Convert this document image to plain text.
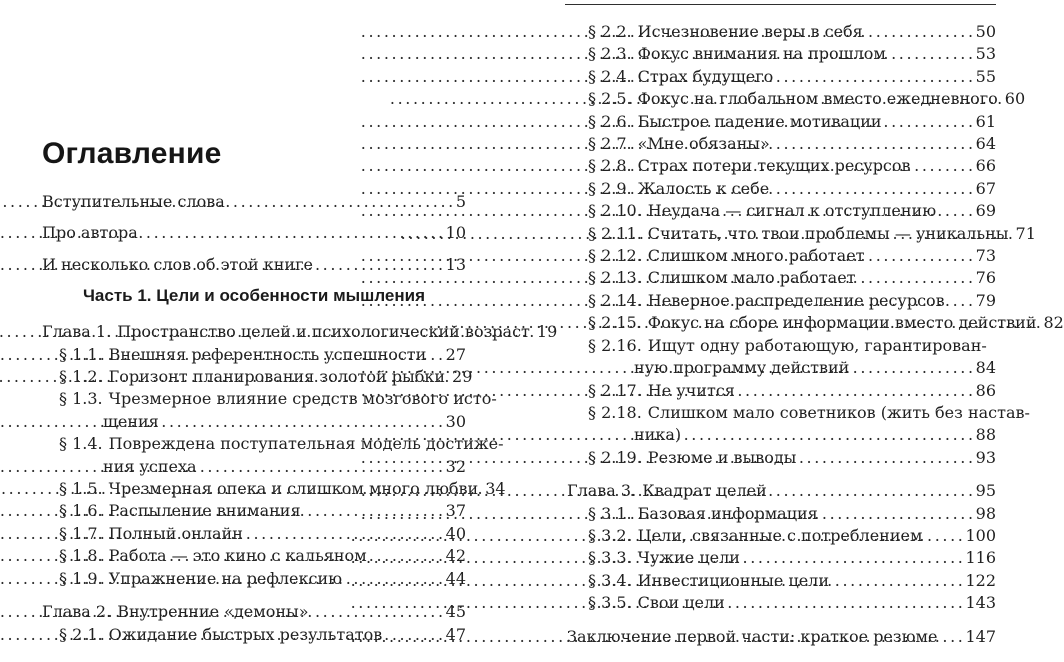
Оглавление
Вступительные слова .....	5
Про автора .....	10
И несколько слов об этой книге .....	13
Часть 1. Цели и особенности мышления
Глава 1. Пространство целей и психологический возраст ..... 19
§ 1.1. Внешняя референтность успешности ..... 27
§ 1.2. Горизонт планирования золотой рыбки ..... 29
§ 1.3. Чрезмерное влияние средств мозгового исто-
щения .....	30
§ 1.4. Повреждена поступательная модель достиже-
ния успеха .....	32
§ 1.5. Чрезмерная опека и слишком много любви ..... 34
§ 1.6. Распыление внимания .....	37
§ 1.7. Полный онлайн .....	40
§ 1.8. Работа — это кино с кальяном .....	42
§ 1.9. Упражнение на рефлексию .....	44
Глава 2. Внутренние «демоны» .....	45
§ 2.1. Ожидание быстрых результатов .....	47
§ 2.2. Исчезновение веры в себя .....	50
§ 2.3. Фокус внимания на прошлом .....	53
§ 2.4. Страх будущего .....	55
§ 2.5. Фокус на глобальном вместо ежедневного ..... 60
§ 2.6. Быстрое падение мотивации .....	61
§ 2.7. «Мне обязаны» .....	64
§ 2.8. Страх потери текущих ресурсов .....	66
§ 2.9. Жалость к себе .....	67
§ 2.10. Неудача — сигнал к отступлению ..... 69
§ 2.11. Считать, что твои проблемы — уникальны ..... 71
§ 2.12. Слишком много работает .....	73
§ 2.13. Слишком мало работает .....	76
§ 2.14. Неверное распределение ресурсов ..... 79
§ 2.15. Фокус на сборе информации вместо действий ..... 82
§ 2.16. Ищут одну работающую, гарантирован-
ную программу действий .....	84
§ 2.17. Не учится .....	86
§ 2.18. Слишком мало советников (жить без настав-
ника) .....	88
§ 2.19. Резюме и выводы .....	93
Глава 3. Квадрат целей .....	95
§ 3.1. Базовая информация .....	98
§ 3.2. Цели, связанные с потреблением .....	100
§ 3.3. Чужие цели .....	116
§ 3.4. Инвестиционные цели .....	122
§ 3.5. Свои цели .....	143
Заключение первой части: краткое резюме ..... 147
